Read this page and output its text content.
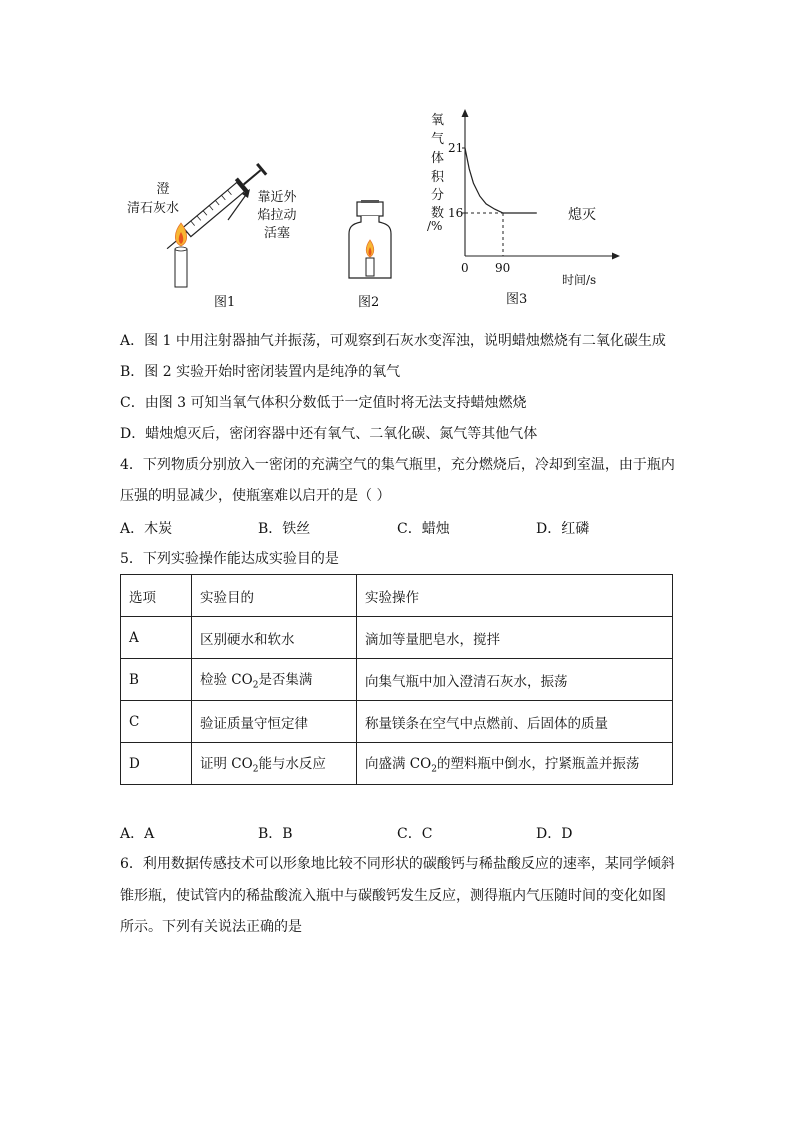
澄
清石灰水
靠近外
焰拉动
活塞
图1	图2
氧
气
体
积
分
数
/%
21
16
0 90
时间/s
熄灭
图3
A．图 1 中用注射器抽气并振荡，可观察到石灰水变浑浊，说明蜡烛燃烧有二氧化碳生成
B．图 2 实验开始时密闭装置内是纯净的氧气
C．由图 3 可知当氧气体积分数低于一定值时将无法支持蜡烛燃烧
D．蜡烛熄灭后，密闭容器中还有氧气、二氧化碳、氮气等其他气体
4．下列物质分别放入一密闭的充满空气的集气瓶里，充分燃烧后，冷却到室温，由于瓶内
压强的明显减少，使瓶塞难以启开的是（ ）
A．木炭	B．铁丝	C．蜡烛	D．红磷
5．下列实验操作能达成实验目的是
选项	实验目的	实验操作
A	区别硬水和软水	滴加等量肥皂水，搅拌
B	检验 $CO_2$是否集满	向集气瓶中加入澄清石灰水，振荡
C	验证质量守恒定律	称量镁条在空气中点燃前、后固体的质量
D	证明 $CO_2$能与水反应	向盛满 $CO_2$的塑料瓶中倒水，拧紧瓶盖并振荡
A．A	B．B	C．C	D．D
6．利用数据传感技术可以形象地比较不同形状的碳酸钙与稀盐酸反应的速率，某同学倾斜
锥形瓶，使试管内的稀盐酸流入瓶中与碳酸钙发生反应，测得瓶内气压随时间的变化如图
所示。下列有关说法正确的是
